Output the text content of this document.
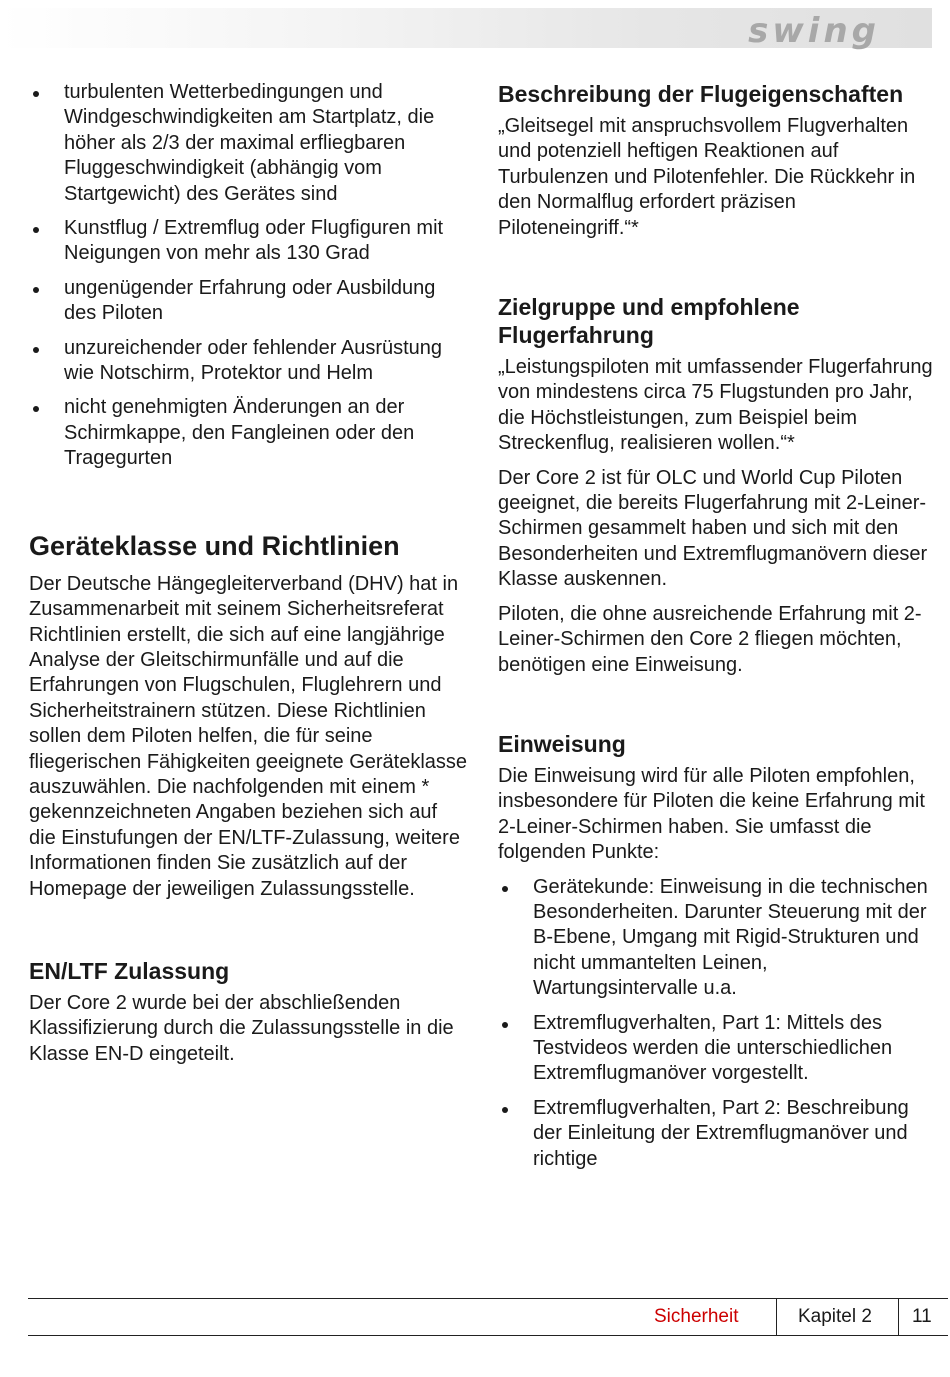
swing
turbulenten Wetterbedingungen und Windgeschwindigkeiten am Startplatz, die höher als 2/3 der maximal erfliegbaren Fluggeschwindigkeit (abhängig vom Startgewicht) des Gerätes sind
Kunstflug / Extremflug oder Flugfiguren mit Neigungen von mehr als 130 Grad
ungenügender Erfahrung oder Ausbildung des Piloten
unzureichender oder fehlender Ausrüstung wie Notschirm, Protektor und Helm
nicht genehmigten Änderungen an der Schirmkappe, den Fangleinen oder den Tragegurten
Geräteklasse und Richtlinien

Der Deutsche Hängegleiterverband (DHV) hat in Zusammenarbeit mit seinem Sicherheitsreferat Richtlinien erstellt, die sich auf eine langjährige Analyse der Gleitschirmunfälle und auf die Erfahrungen von Flugschulen, Fluglehrern und Sicherheitstrainern stützen. Diese Richtlinien sollen dem Piloten helfen, die für seine fliegerischen Fähigkeiten geeignete Geräteklasse auszuwählen. Die nachfolgenden mit einem * gekennzeichneten Angaben beziehen sich auf die Einstufungen der EN/LTF-Zulassung, weitere Informationen finden Sie zusätzlich auf der Homepage der jeweiligen Zulassungsstelle.

EN/LTF Zulassung

Der Core 2 wurde bei der abschließenden Klassifizierung durch die Zulassungsstelle in die Klasse EN-D eingeteilt.

Beschreibung der Flugeigenschaften

„Gleitsegel mit anspruchsvollem Flugverhalten und potenziell heftigen Reaktionen auf Turbulenzen und Pilotenfehler. Die Rückkehr in den Normalflug erfordert präzisen Piloteneingriff.“*

Zielgruppe und empfohlene Flugerfahrung

„Leistungspiloten mit umfassender Flugerfahrung von mindestens circa 75 Flugstunden pro Jahr, die Höchstleistungen, zum Beispiel beim Streckenflug, realisieren wollen.“*

Der Core 2 ist für OLC und World Cup Piloten geeignet, die bereits Flugerfahrung mit 2-Leiner-Schirmen gesammelt haben und sich mit den Besonderheiten und Extremflugmanövern dieser Klasse auskennen.

Piloten, die ohne ausreichende Erfahrung mit 2-Leiner-Schirmen den Core 2 fliegen möchten, benötigen eine Einweisung.

Einweisung

Die Einweisung wird für alle Piloten empfohlen, insbesondere für Piloten die keine Erfahrung mit 2-Leiner-Schirmen haben. Sie umfasst die folgenden Punkte:

Gerätekunde: Einweisung in die technischen Besonderheiten. Darunter Steuerung mit der B-Ebene, Umgang mit Rigid-Strukturen und nicht ummantelten Leinen, Wartungsintervalle u.a.
Extremflugverhalten, Part 1: Mittels des Testvideos werden die unterschiedlichen Extremflugmanöver vorgestellt.
Extremflugverhalten, Part 2: Beschreibung der Einleitung der Extremflugmanöver und richtige
Sicherheit	Kapitel 2 11
